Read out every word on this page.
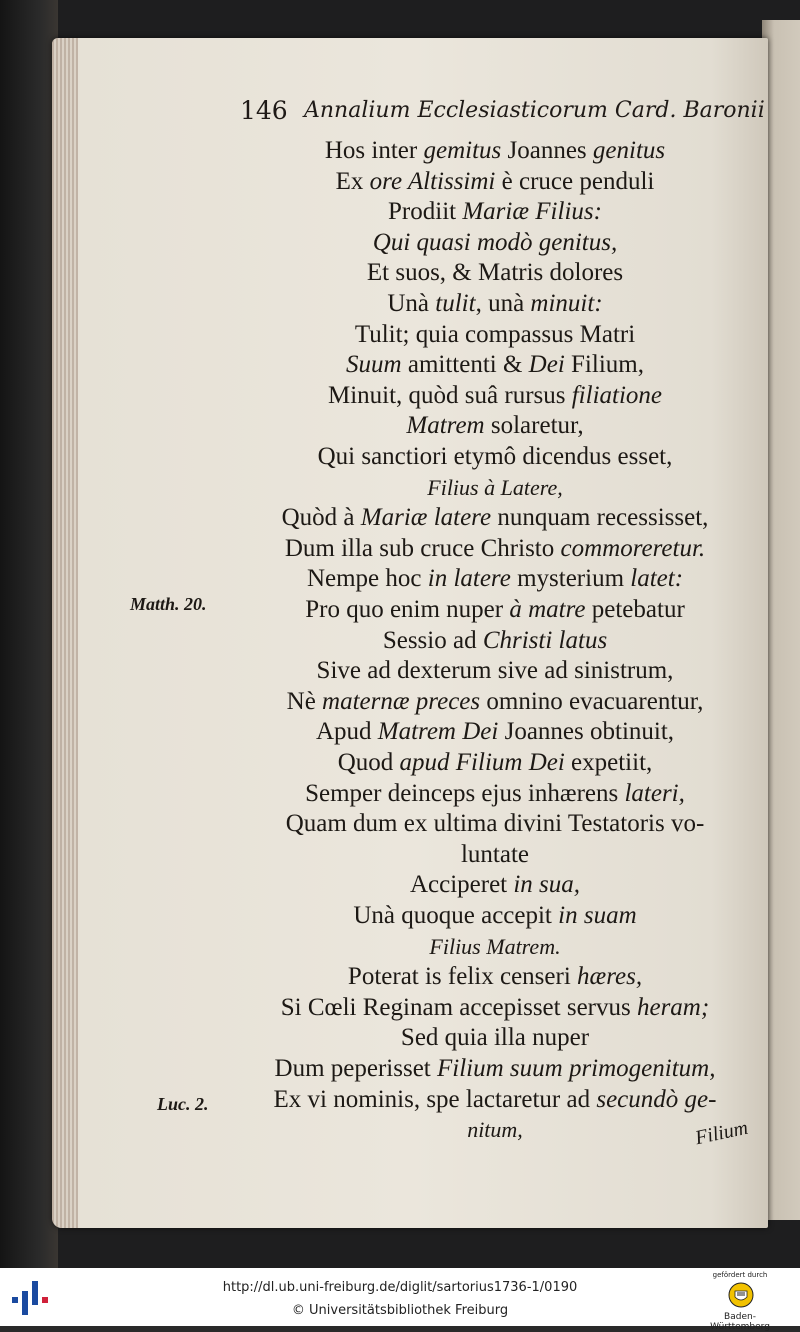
146 Annalium Ecclesiasticorum Card. Baronii
Hos inter gemitus Joannes genitus
Ex ore Altissimi è cruce penduli
Prodiit Mariæ Filius:
Qui quasi modò genitus,
Et suos, & Matris dolores
Unà tulit, unà minuit:
Tulit; quia compassus Matri
Suum amittenti & Dei Filium,
Minuit, quòd suâ rursus filiatione
Matrem solaretur,
Qui sanctiori etymô dicendus esset,
Filius à Latere,
Quòd à Mariæ latere nunquam recessisset,
Dum illa sub cruce Christo commoreretur.
Nempe hoc in latere mysterium latet:
Pro quo enim nuper à matre petebatur
Sessio ad Christi latus
Sive ad dexterum sive ad sinistrum,
Nè maternæ preces omnino evacuarentur,
Apud Matrem Dei Joannes obtinuit,
Quod apud Filium Dei expetiit,
Semper deinceps ejus inhærens lateri,
Quam dum ex ultima divini Testatoris vo-
luntate
Acciperet in sua,
Unà quoque accepit in suam
Filius Matrem.
Poterat is felix censeri hæres,
Si Cœli Reginam accepisset servus heram;
Sed quia illa nuper
Dum peperisset Filium suum primogenitum,
Ex vi nominis, spe lactaretur ad secundò ge-
nitum,
Matth. 20.
Luc. 2.
Filium
http://dl.ub.uni-freiburg.de/diglit/sartorius1736-1/0190
© Universitätsbibliothek Freiburg
gefördert durch
Baden-Württemberg
